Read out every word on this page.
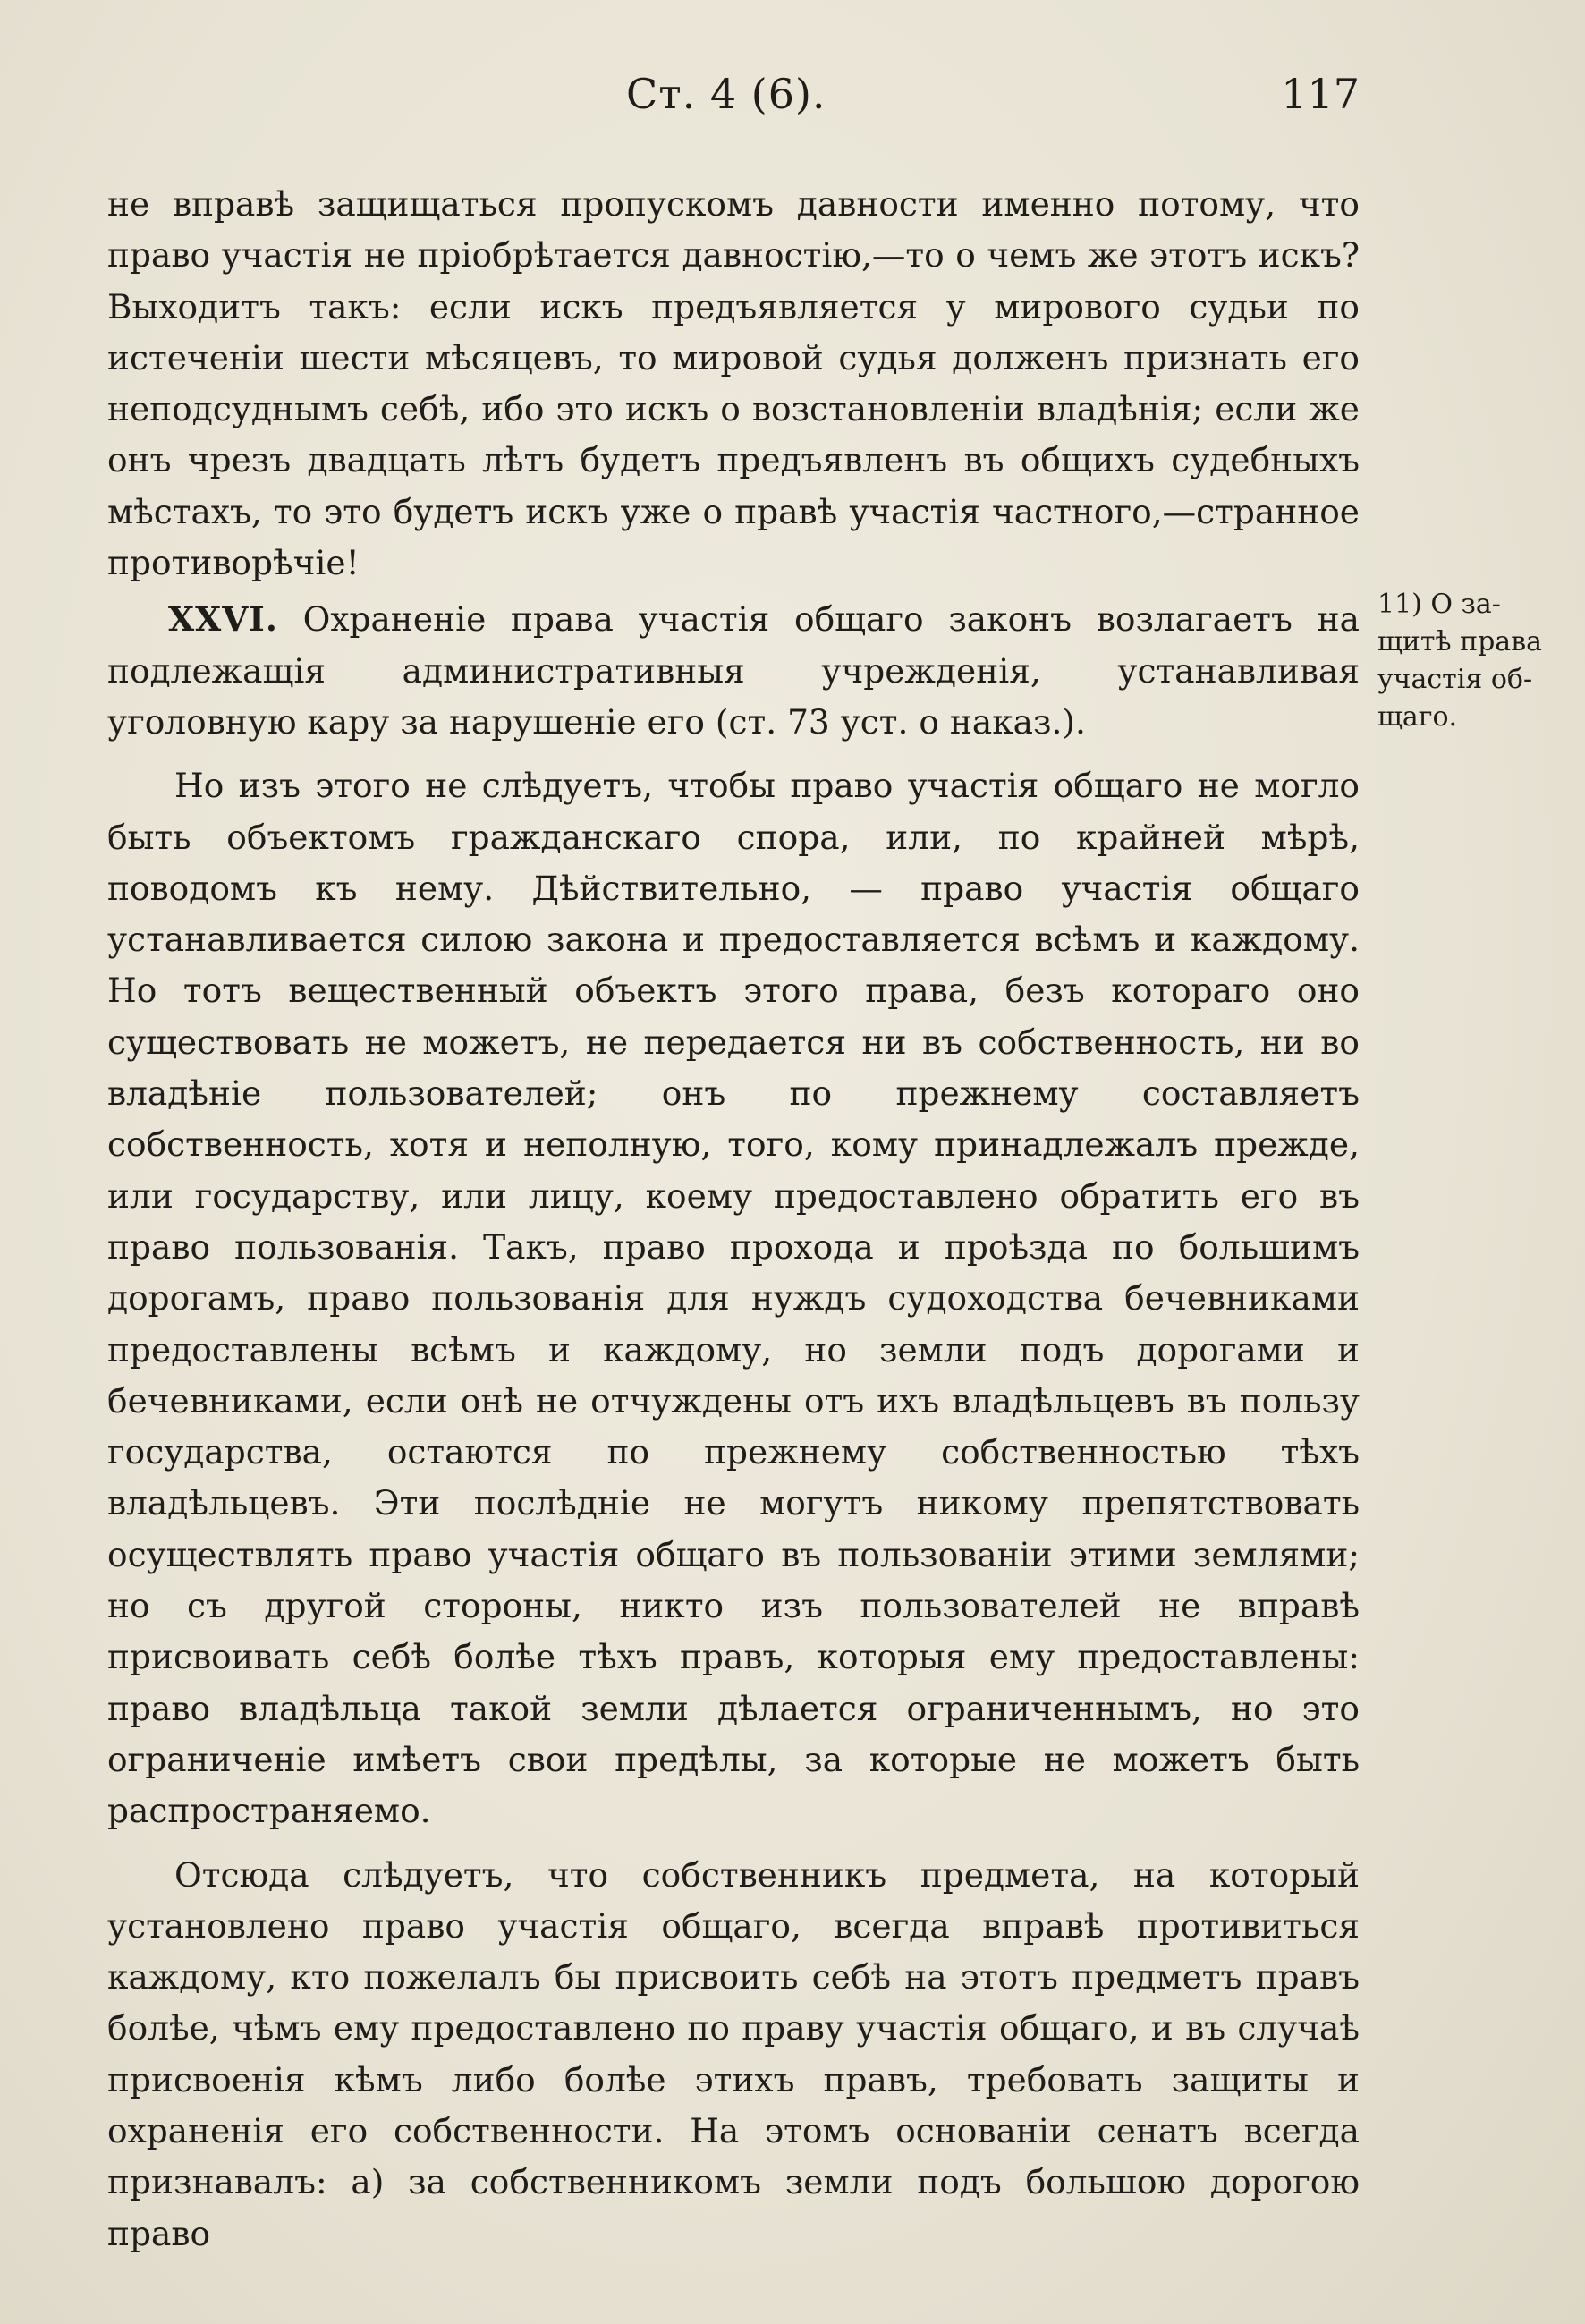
Ст. 4 (6).	117

не вправѣ защищаться пропускомъ давности именно потому, что право участія не пріобрѣтается давностію,—то о чемъ же этотъ искъ? Выходитъ такъ: если искъ предъявляется у мирового судьи по истеченіи шести мѣсяцевъ, то мировой судья долженъ признать его неподсуднымъ себѣ, ибо это искъ о возстановленіи владѣнія; если же онъ чрезъ двадцать лѣтъ будетъ предъявленъ въ общихъ судебныхъ мѣстахъ, то это будетъ искъ уже о правѣ участія частного,—странное противорѣчіе!

XXVI. Охраненіе права участія общаго законъ возлагаетъ на подлежащія административныя учрежденія, устанавливая уголовную кару за нарушеніе его (ст. 73 уст. о наказ.).

Но изъ этого не слѣдуетъ, чтобы право участія общаго не могло быть объектомъ гражданскаго спора, или, по крайней мѣрѣ, поводомъ къ нему. Дѣйствительно, — право участія общаго устанавливается силою закона и предоставляется всѣмъ и каждому. Но тотъ вещественный объектъ этого права, безъ котораго оно существовать не можетъ, не передается ни въ собственность, ни во владѣніе пользователей; онъ по прежнему составляетъ собственность, хотя и неполную, того, кому принадлежалъ прежде, или государству, или лицу, коему предоставлено обратить его въ право пользованія. Такъ, право прохода и проѣзда по большимъ дорогамъ, право пользованія для нуждъ судоходства бечевниками предоставлены всѣмъ и каждому, но земли подъ дорогами и бечевниками, если онѣ не отчуждены отъ ихъ владѣльцевъ въ пользу государства, остаются по прежнему собственностью тѣхъ владѣльцевъ. Эти послѣдніе не могутъ никому препятствовать осуществлять право участія общаго въ пользованіи этими землями; но съ другой стороны, никто изъ пользователей не вправѣ присвоивать себѣ болѣе тѣхъ правъ, которыя ему предоставлены: право владѣльца такой земли дѣлается ограниченнымъ, но это ограниченіе имѣетъ свои предѣлы, за которые не можетъ быть распространяемо.

Отсюда слѣдуетъ, что собственникъ предмета, на который установлено право участія общаго, всегда вправѣ противиться каждому, кто пожелалъ бы присвоить себѣ на этотъ предметъ правъ болѣе, чѣмъ ему предоставлено по праву участія общаго, и въ случаѣ присвоенія кѣмъ либо болѣе этихъ правъ, требовать защиты и охраненія его собственности. На этомъ основаніи сенатъ всегда признавалъ: а) за собственникомъ земли подъ большою дорогою право

11) О за-
щитѣ права
участія об-
щаго.
